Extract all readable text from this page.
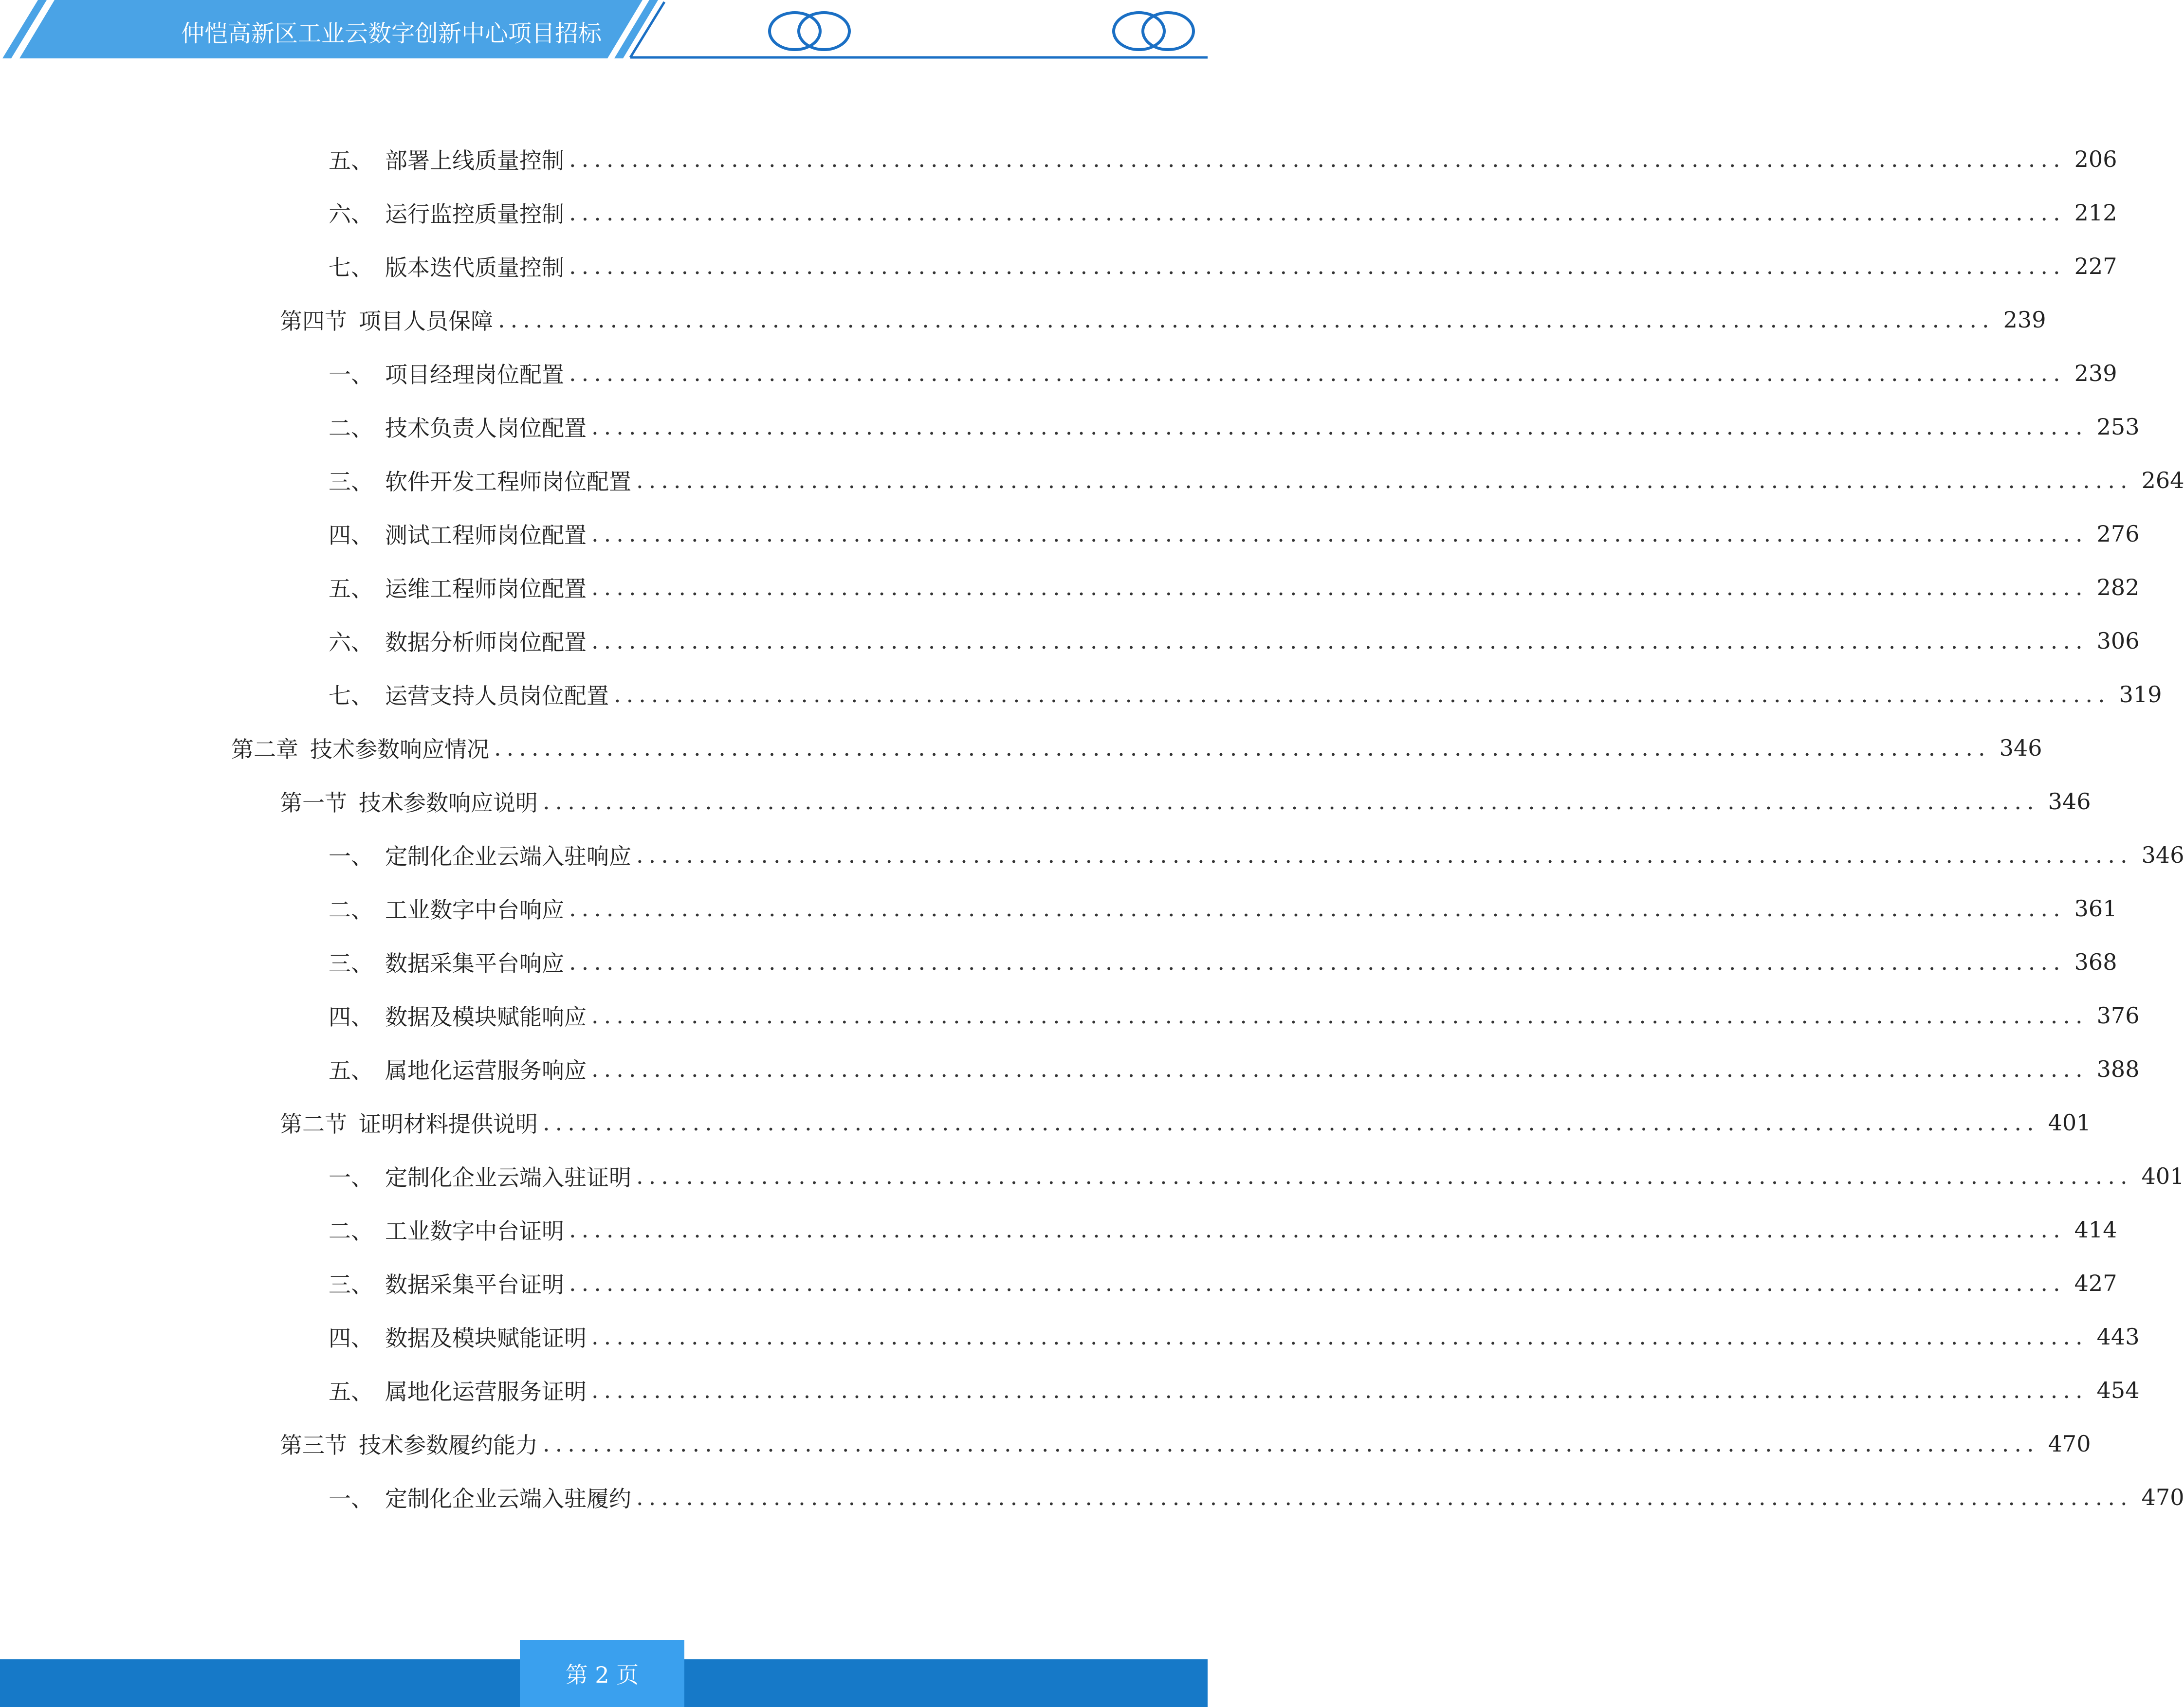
仲恺高新区工业云数字创新中心项目招标
五、 部署上线质量控制 ........................................................................................................................ 206
六、 运行监控质量控制 ........................................................................................................................ 212
七、 版本迭代质量控制 ........................................................................................................................ 227
第四节 项目人员保障 ........................................................................................................................ 239
一、 项目经理岗位配置 ........................................................................................................................ 239
二、 技术负责人岗位配置 ........................................................................................................................ 253
三、 软件开发工程师岗位配置 ........................................................................................................................ 264
四、 测试工程师岗位配置 ........................................................................................................................ 276
五、 运维工程师岗位配置 ........................................................................................................................ 282
六、 数据分析师岗位配置 ........................................................................................................................ 306
七、 运营支持人员岗位配置 ........................................................................................................................ 319
第二章 技术参数响应情况 ........................................................................................................................ 346
第一节 技术参数响应说明 ........................................................................................................................ 346
一、 定制化企业云端入驻响应 ........................................................................................................................ 346
二、 工业数字中台响应 ........................................................................................................................ 361
三、 数据采集平台响应 ........................................................................................................................ 368
四、 数据及模块赋能响应 ........................................................................................................................ 376
五、 属地化运营服务响应 ........................................................................................................................ 388
第二节 证明材料提供说明 ........................................................................................................................ 401
一、 定制化企业云端入驻证明 ........................................................................................................................ 401
二、 工业数字中台证明 ........................................................................................................................ 414
三、 数据采集平台证明 ........................................................................................................................ 427
四、 数据及模块赋能证明 ........................................................................................................................ 443
五、 属地化运营服务证明 ........................................................................................................................ 454
第三节 技术参数履约能力 ........................................................................................................................ 470
一、 定制化企业云端入驻履约 ........................................................................................................................ 470
第 2 页
